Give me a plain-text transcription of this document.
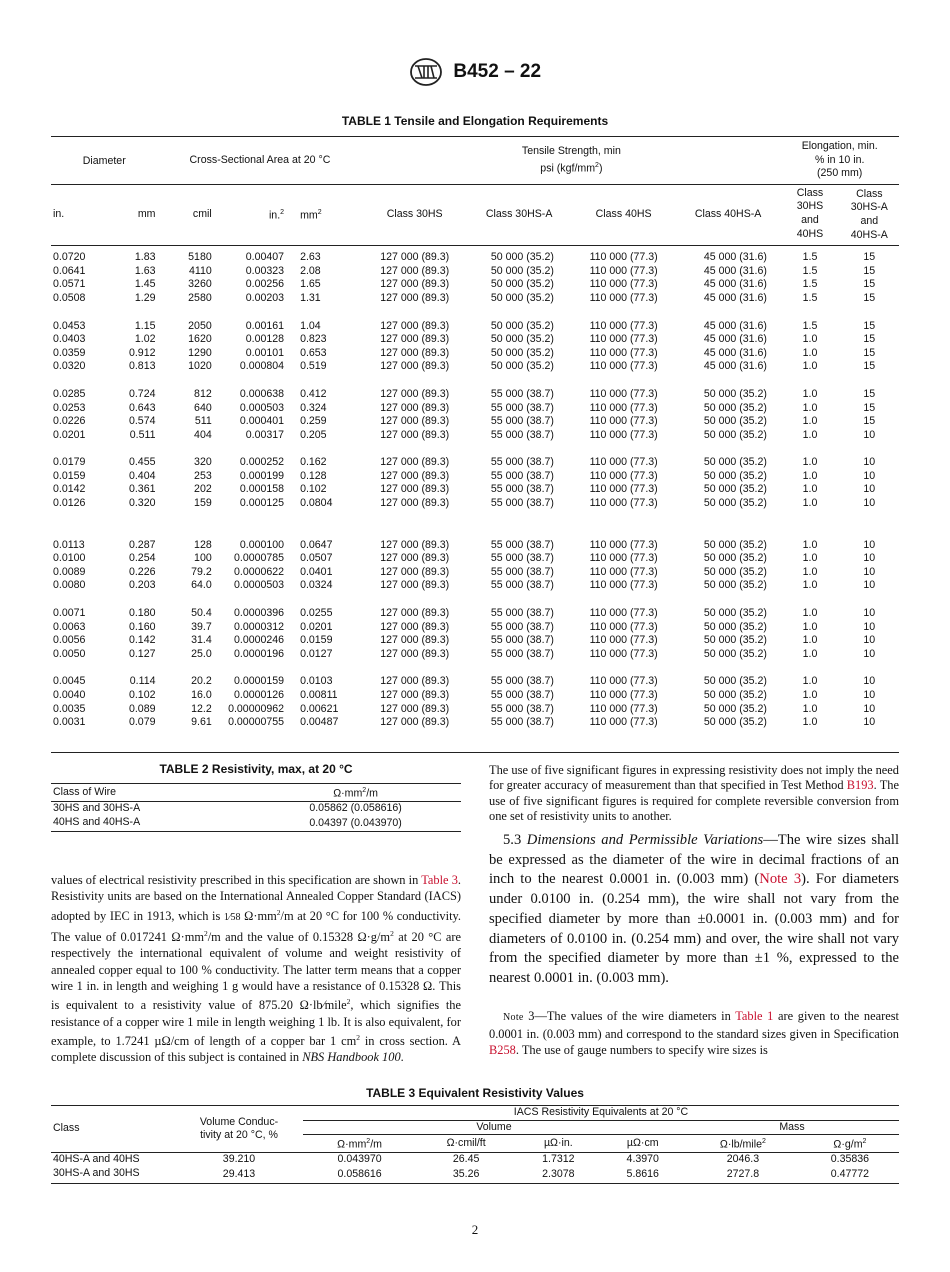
B452 – 22
TABLE 1 Tensile and Elongation Requirements
Diameter		Cross-Sectional Area at 20 °C			Tensile Strength, min
psi $(kgf/mm^2)$				Elongation, min.
% in 10 in.
(250 mm)	
in.	mm	cmil	in.$^2$	$mm^2$	Class 30HS	Class 30HS-A	Class 40HS	Class 40HS-A	Class
30HS
and
40HS	Class
30HS-A
and
40HS-A

0.0720	1.83	5180	0.00407	2.63	127 000 (89.3)	50 000 (35.2)	110 000 (77.3)	45 000 (31.6)	1.5	15
0.0641	1.63	4110	0.00323	2.08	127 000 (89.3)	50 000 (35.2)	110 000 (77.3)	45 000 (31.6)	1.5	15
0.0571	1.45	3260	0.00256	1.65	127 000 (89.3)	50 000 (35.2)	110 000 (77.3)	45 000 (31.6)	1.5	15
0.0508	1.29	2580	0.00203	1.31	127 000 (89.3)	50 000 (35.2)	110 000 (77.3)	45 000 (31.6)	1.5	15

0.0453	1.15	2050	0.00161	1.04	127 000 (89.3)	50 000 (35.2)	110 000 (77.3)	45 000 (31.6)	1.5	15
0.0403	1.02	1620	0.00128	0.823	127 000 (89.3)	50 000 (35.2)	110 000 (77.3)	45 000 (31.6)	1.0	15
0.0359	0.912	1290	0.00101	0.653	127 000 (89.3)	50 000 (35.2)	110 000 (77.3)	45 000 (31.6)	1.0	15
0.0320	0.813	1020	0.000804	0.519	127 000 (89.3)	50 000 (35.2)	110 000 (77.3)	45 000 (31.6)	1.0	15

0.0285	0.724	812	0.000638	0.412	127 000 (89.3)	55 000 (38.7)	110 000 (77.3)	50 000 (35.2)	1.0	15
0.0253	0.643	640	0.000503	0.324	127 000 (89.3)	55 000 (38.7)	110 000 (77.3)	50 000 (35.2)	1.0	15
0.0226	0.574	511	0.000401	0.259	127 000 (89.3)	55 000 (38.7)	110 000 (77.3)	50 000 (35.2)	1.0	15
0.0201	0.511	404	0.00317	0.205	127 000 (89.3)	55 000 (38.7)	110 000 (77.3)	50 000 (35.2)	1.0	10

0.0179	0.455	320	0.000252	0.162	127 000 (89.3)	55 000 (38.7)	110 000 (77.3)	50 000 (35.2)	1.0	10
0.0159	0.404	253	0.000199	0.128	127 000 (89.3)	55 000 (38.7)	110 000 (77.3)	50 000 (35.2)	1.0	10
0.0142	0.361	202	0.000158	0.102	127 000 (89.3)	55 000 (38.7)	110 000 (77.3)	50 000 (35.2)	1.0	10
0.0126	0.320	159	0.000125	0.0804	127 000 (89.3)	55 000 (38.7)	110 000 (77.3)	50 000 (35.2)	1.0	10

0.0113	0.287	128	0.000100	0.0647	127 000 (89.3)	55 000 (38.7)	110 000 (77.3)	50 000 (35.2)	1.0	10
0.0100	0.254	100	0.0000785	0.0507	127 000 (89.3)	55 000 (38.7)	110 000 (77.3)	50 000 (35.2)	1.0	10
0.0089	0.226	79.2	0.0000622	0.0401	127 000 (89.3)	55 000 (38.7)	110 000 (77.3)	50 000 (35.2)	1.0	10
0.0080	0.203	64.0	0.0000503	0.0324	127 000 (89.3)	55 000 (38.7)	110 000 (77.3)	50 000 (35.2)	1.0	10

0.0071	0.180	50.4	0.0000396	0.0255	127 000 (89.3)	55 000 (38.7)	110 000 (77.3)	50 000 (35.2)	1.0	10
0.0063	0.160	39.7	0.0000312	0.0201	127 000 (89.3)	55 000 (38.7)	110 000 (77.3)	50 000 (35.2)	1.0	10
0.0056	0.142	31.4	0.0000246	0.0159	127 000 (89.3)	55 000 (38.7)	110 000 (77.3)	50 000 (35.2)	1.0	10
0.0050	0.127	25.0	0.0000196	0.0127	127 000 (89.3)	55 000 (38.7)	110 000 (77.3)	50 000 (35.2)	1.0	10

0.0045	0.114	20.2	0.0000159	0.0103	127 000 (89.3)	55 000 (38.7)	110 000 (77.3)	50 000 (35.2)	1.0	10
0.0040	0.102	16.0	0.0000126	0.00811	127 000 (89.3)	55 000 (38.7)	110 000 (77.3)	50 000 (35.2)	1.0	10
0.0035	0.089	12.2	0.00000962	0.00621	127 000 (89.3)	55 000 (38.7)	110 000 (77.3)	50 000 (35.2)	1.0	10
0.0031	0.079	9.61	0.00000755	0.00487	127 000 (89.3)	55 000 (38.7)	110 000 (77.3)	50 000 (35.2)	1.0	10

TABLE 2 Resistivity, max, at 20 °C
Class of Wire	$\Omega\cdot mm^2/m$
30HS and 30HS-A	0.05862 (0.058616)
40HS and 40HS-A	0.04397 (0.043970)
values of electrical resistivity prescribed in this specification are shown in Table 3. Resistivity units are based on the International Annealed Copper Standard (IACS) adopted by IEC in 1913, which is 1⁄58 $\Omega\cdot mm^2/m$ at 20 °C for 100 % conductivity. The value of 0.017241 $\Omega\cdot mm^2/m$ and the value of 0.15328 $\Omega\cdot g/m^2$ at 20 °C are respectively the international equivalent of volume and weight resistivity of annealed copper equal to 100 % conductivity. The latter term means that a copper wire 1 in. in length and weighing 1 g would have a resistance of 0.15328 Ω. This is equivalent to a resistivity value of 875.20 Ω·lb⁄mile$^2$, which signifies the resistance of a copper wire 1 mile in length weighing 1 lb. It is also equivalent, for example, to 1.7241 µΩ/cm of length of a copper bar 1 $cm^2$ in cross section. A complete discussion of this subject is contained in NBS Handbook 100.
The use of five significant figures in expressing resistivity does not imply the need for greater accuracy of measurement than that specified in Test Method B193. The use of five significant figures is required for complete reversible conversion from one set of resistivity units to another.
5.3 Dimensions and Permissible Variations—The wire sizes shall be expressed as the diameter of the wire in decimal fractions of an inch to the nearest 0.0001 in. (0.003 mm) (Note 3). For diameters under 0.0100 in. (0.254 mm), the wire shall not vary from the specified diameter by more than ±0.0001 in. (0.003 mm) and for diameters of 0.0100 in. (0.254 mm) and over, the wire shall not vary from the specified diameter by more than ±1 %, expressed to the nearest 0.0001 in. (0.003 mm).
Note 3—The values of the wire diameters in Table 1 are given to the nearest 0.0001 in. (0.003 mm) and correspond to the standard sizes given in Specification B258. The use of gauge numbers to specify wire sizes is
TABLE 3 Equivalent Resistivity Values
Class	Volume Conduc-
tivity at 20 °C, %	IACS Resistivity Equivalents at 20 °C					
		Volume				Mass	
		$\Omega\cdot mm^2/m$	Ω·cmil/ft	µΩ·in.	µΩ·cm	Ω·lb/mile$^2$	$\Omega\cdot g/m^2$
40HS-A and 40HS	39.210	0.043970	26.45	1.7312	4.3970	2046.3	0.35836
30HS-A and 30HS	29.413	0.058616	35.26	2.3078	5.8616	2727.8	0.47772
2
